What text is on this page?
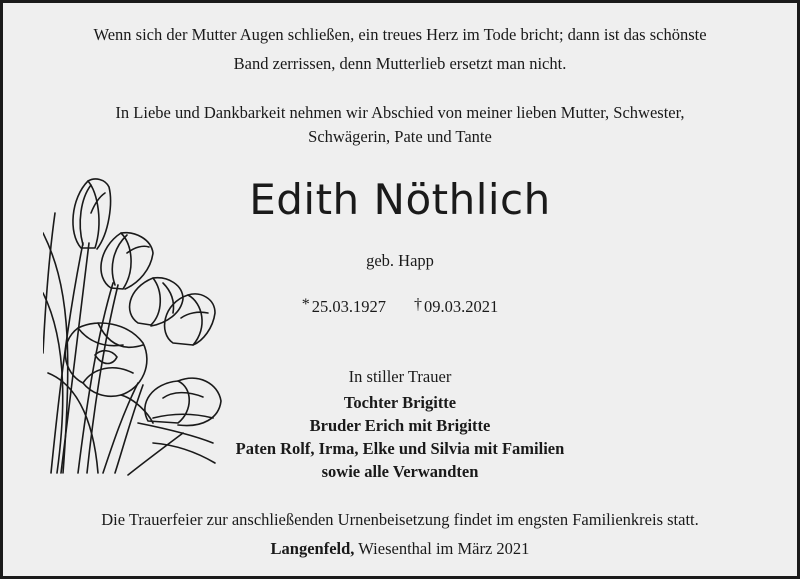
Wenn sich der Mutter Augen schließen, ein treues Herz im Tode bricht; dann ist das schönste
Band zerrissen, denn Mutterlieb ersetzt man nicht.
In Liebe und Dankbarkeit nehmen wir Abschied von meiner lieben Mutter, Schwester,
Schwägerin, Pate und Tante
Edith Nöthlich
geb. Happ
* 25.03.1927 † 09.03.2021
In stiller Trauer
Tochter Brigitte
Bruder Erich mit Brigitte
Paten Rolf, Irma, Elke und Silvia mit Familien
sowie alle Verwandten
Die Trauerfeier zur anschließenden Urnenbeisetzung findet im engsten Familienkreis statt.
Langenfeld, Wiesenthal im März 2021
